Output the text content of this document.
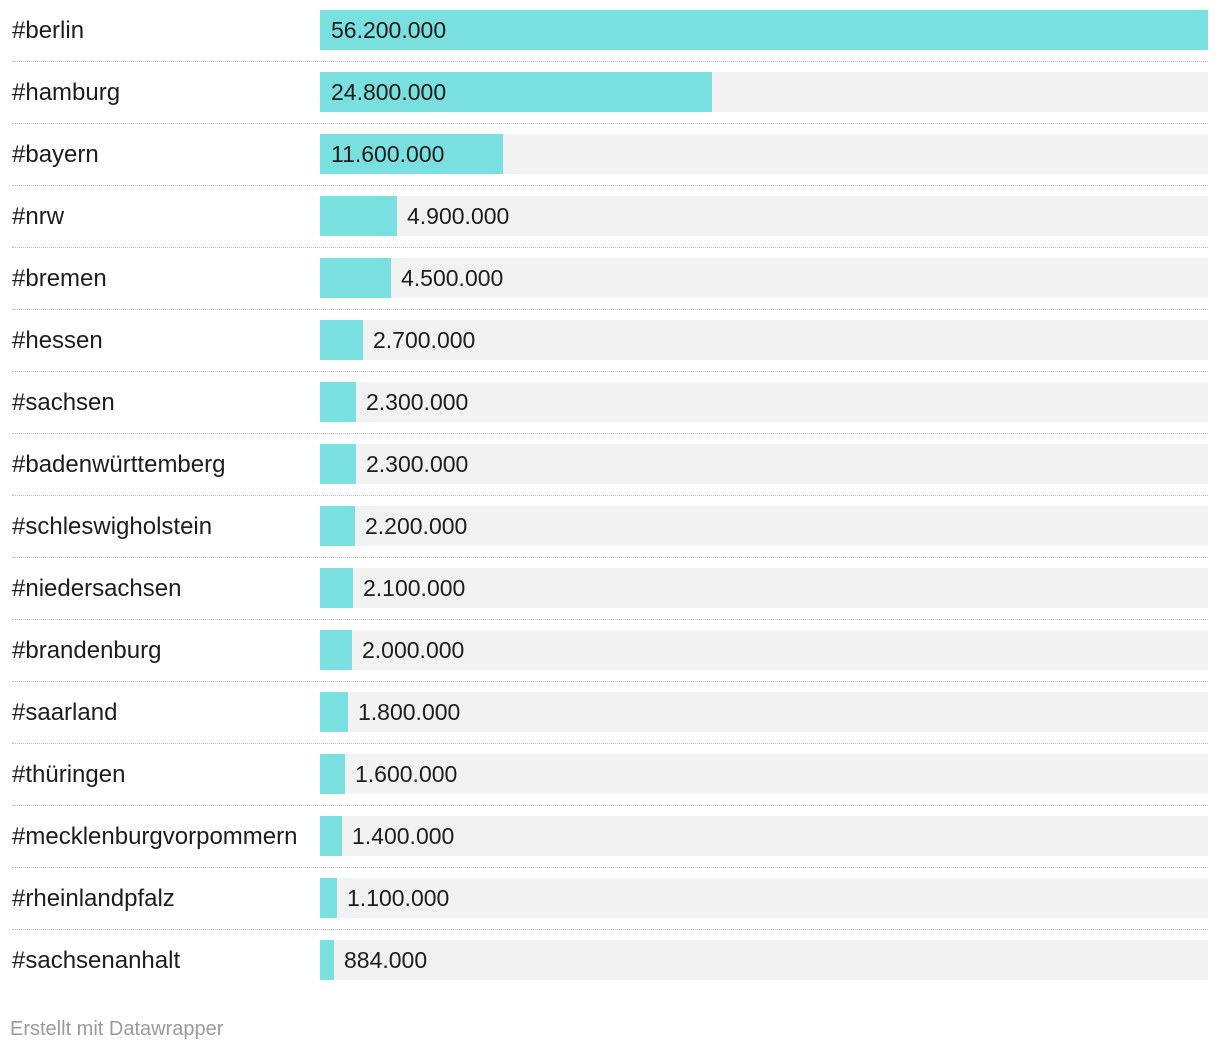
#berlin	56.200.000
#hamburg	24.800.000
#bayern	11.600.000
#nrw	4.900.000
#bremen	4.500.000
#hessen	2.700.000
#sachsen	2.300.000
#badenwürttemberg	2.300.000
#schleswigholstein	2.200.000
#niedersachsen	2.100.000
#brandenburg	2.000.000
#saarland	1.800.000
#thüringen	1.600.000
#mecklenburgvorpommern 1.400.000
#rheinlandpfalz	1.100.000
#sachsenanhalt	884.000
Erstellt mit Datawrapper
